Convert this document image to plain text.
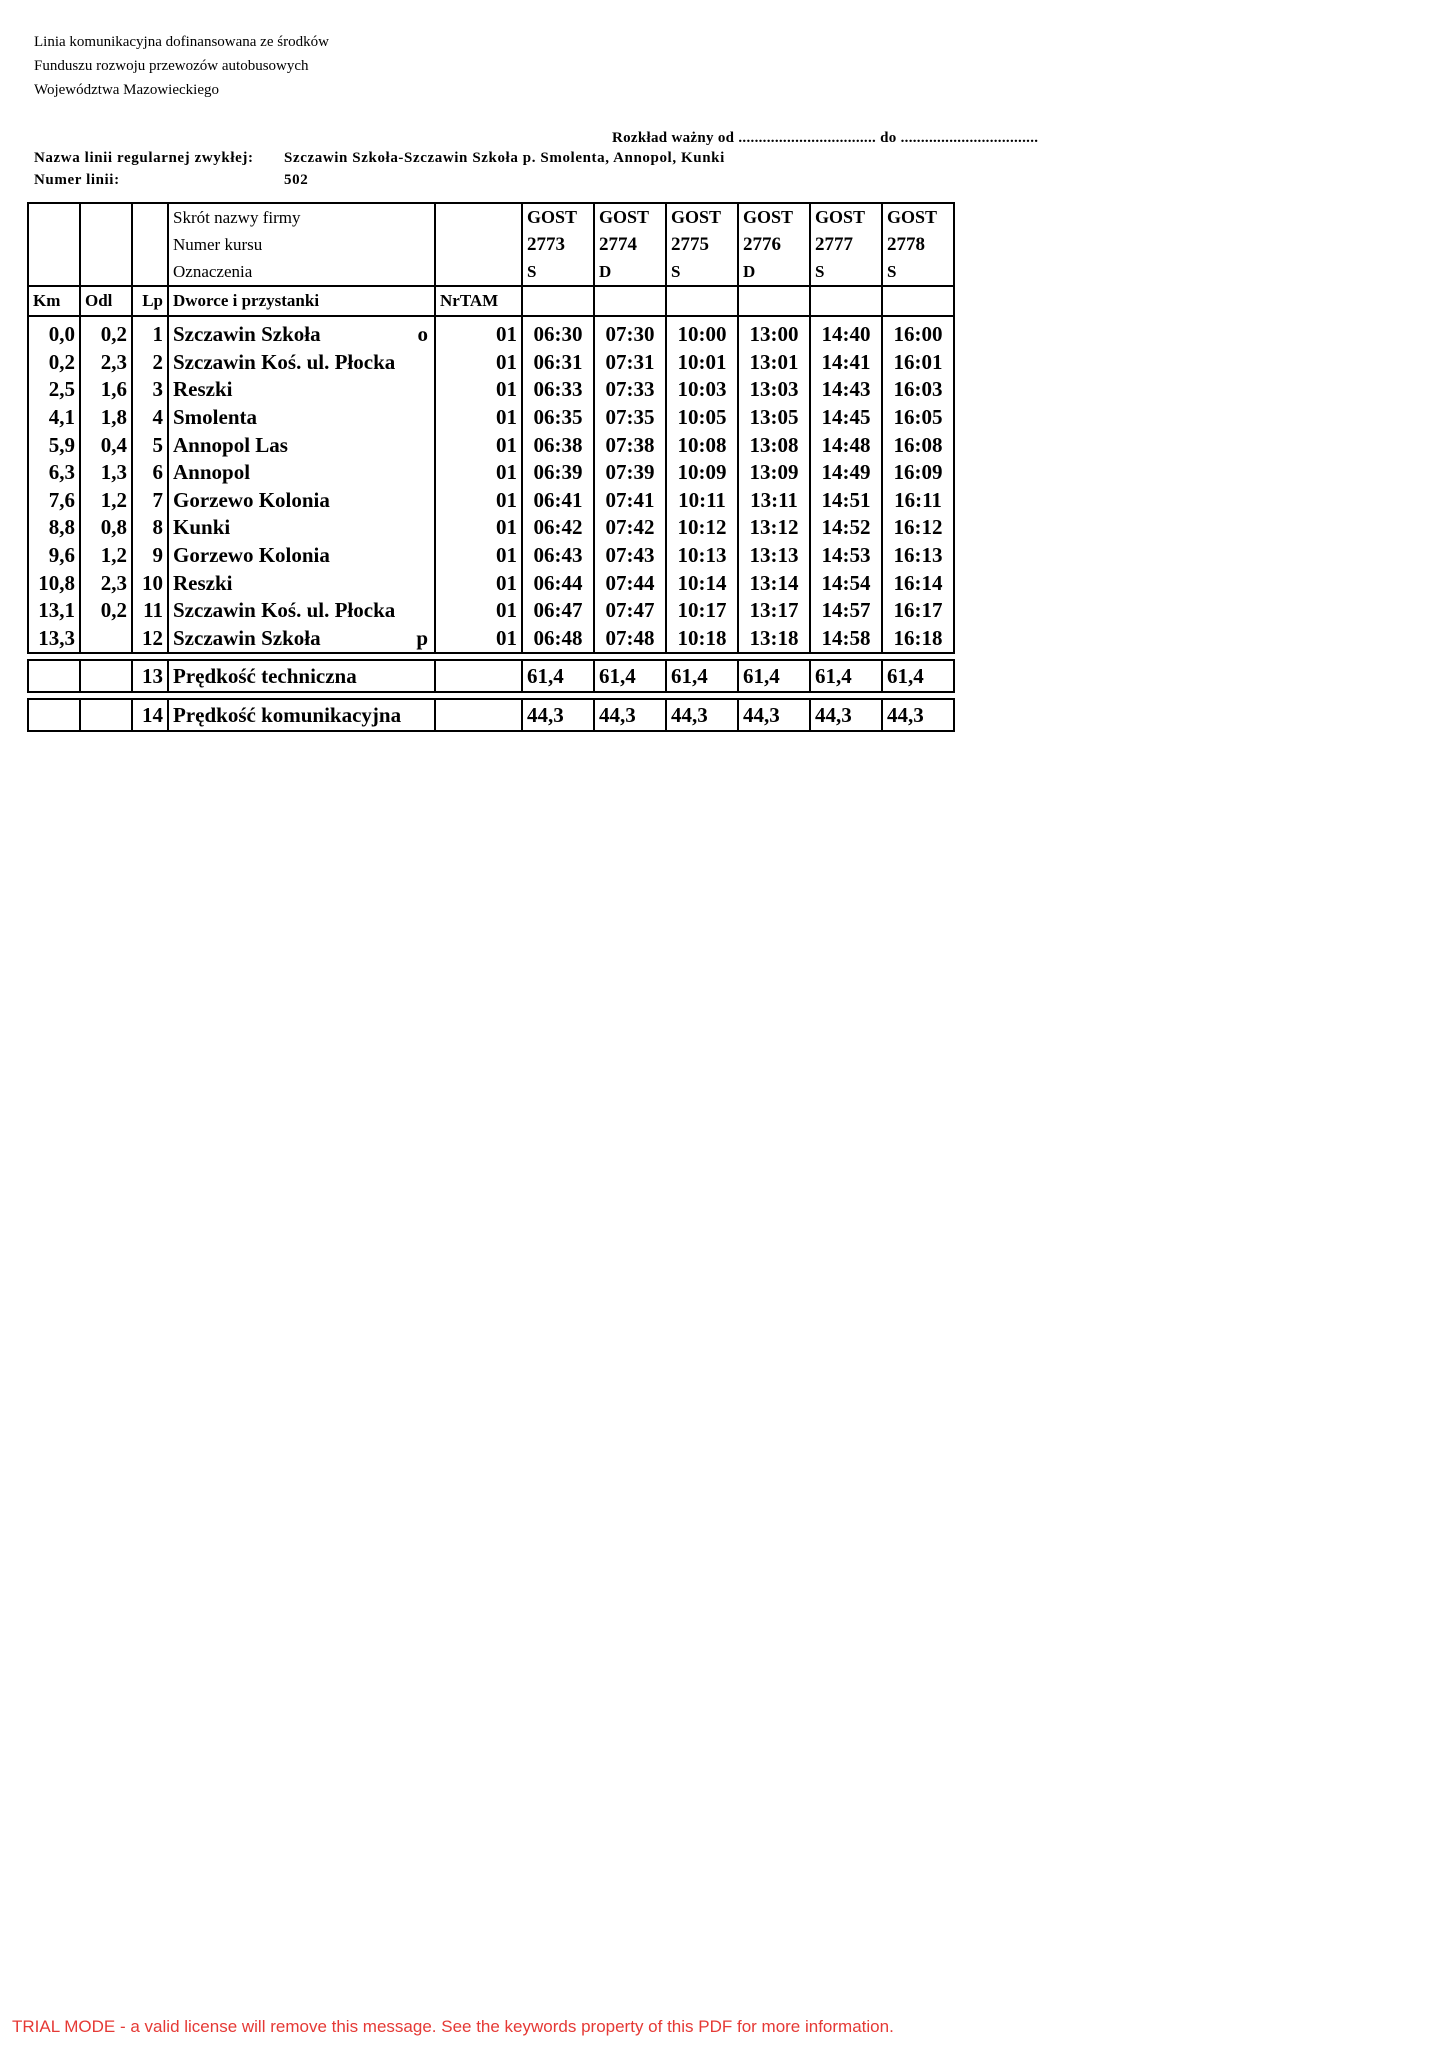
Linia komunikacyjna dofinansowana ze środków
Funduszu rozwoju przewozów autobusowych
Województwa Mazowieckiego
Rozkład ważny od .................................. do ..................................
Nazwa linii regularnej zwykłej: Szczawin Szkoła-Szczawin Szkoła p. Smolenta, Annopol, Kunki
Numer linii:	502
			Skrót nazwy firmy		GOST	GOST	GOST	GOST	GOST	GOST
			Numer kursu		2773	2774	2775	2776	2777	2778
			Oznaczenia		S	D	S	D	S	S
Km	Odl	Lp	Dworce i przystanki	NrTAM						
0,0	0,2	1	Szczawin Szkoła o	01	06:30	07:30	10:00	13:00	14:40	16:00
0,2	2,3	2	Szczawin Koś. ul. Płocka	01	06:31	07:31	10:01	13:01	14:41	16:01
2,5	1,6	3	Reszki	01	06:33	07:33	10:03	13:03	14:43	16:03
4,1	1,8	4	Smolenta	01	06:35	07:35	10:05	13:05	14:45	16:05
5,9	0,4	5	Annopol Las	01	06:38	07:38	10:08	13:08	14:48	16:08
6,3	1,3	6	Annopol	01	06:39	07:39	10:09	13:09	14:49	16:09
7,6	1,2	7	Gorzewo Kolonia	01	06:41	07:41	10:11	13:11	14:51	16:11
8,8	0,8	8	Kunki	01	06:42	07:42	10:12	13:12	14:52	16:12
9,6	1,2	9	Gorzewo Kolonia	01	06:43	07:43	10:13	13:13	14:53	16:13
10,8	2,3	10	Reszki	01	06:44	07:44	10:14	13:14	14:54	16:14
13,1	0,2	11	Szczawin Koś. ul. Płocka	01	06:47	07:47	10:17	13:17	14:57	16:17
13,3		12	Szczawin Szkoła p	01	06:48	07:48	10:18	13:18	14:58	16:18

		13	Prędkość techniczna		61,4	61,4	61,4	61,4	61,4	61,4

		14	Prędkość komunikacyjna		44,3	44,3	44,3	44,3	44,3	44,3
TRIAL MODE - a valid license will remove this message. See the keywords property of this PDF for more information.
